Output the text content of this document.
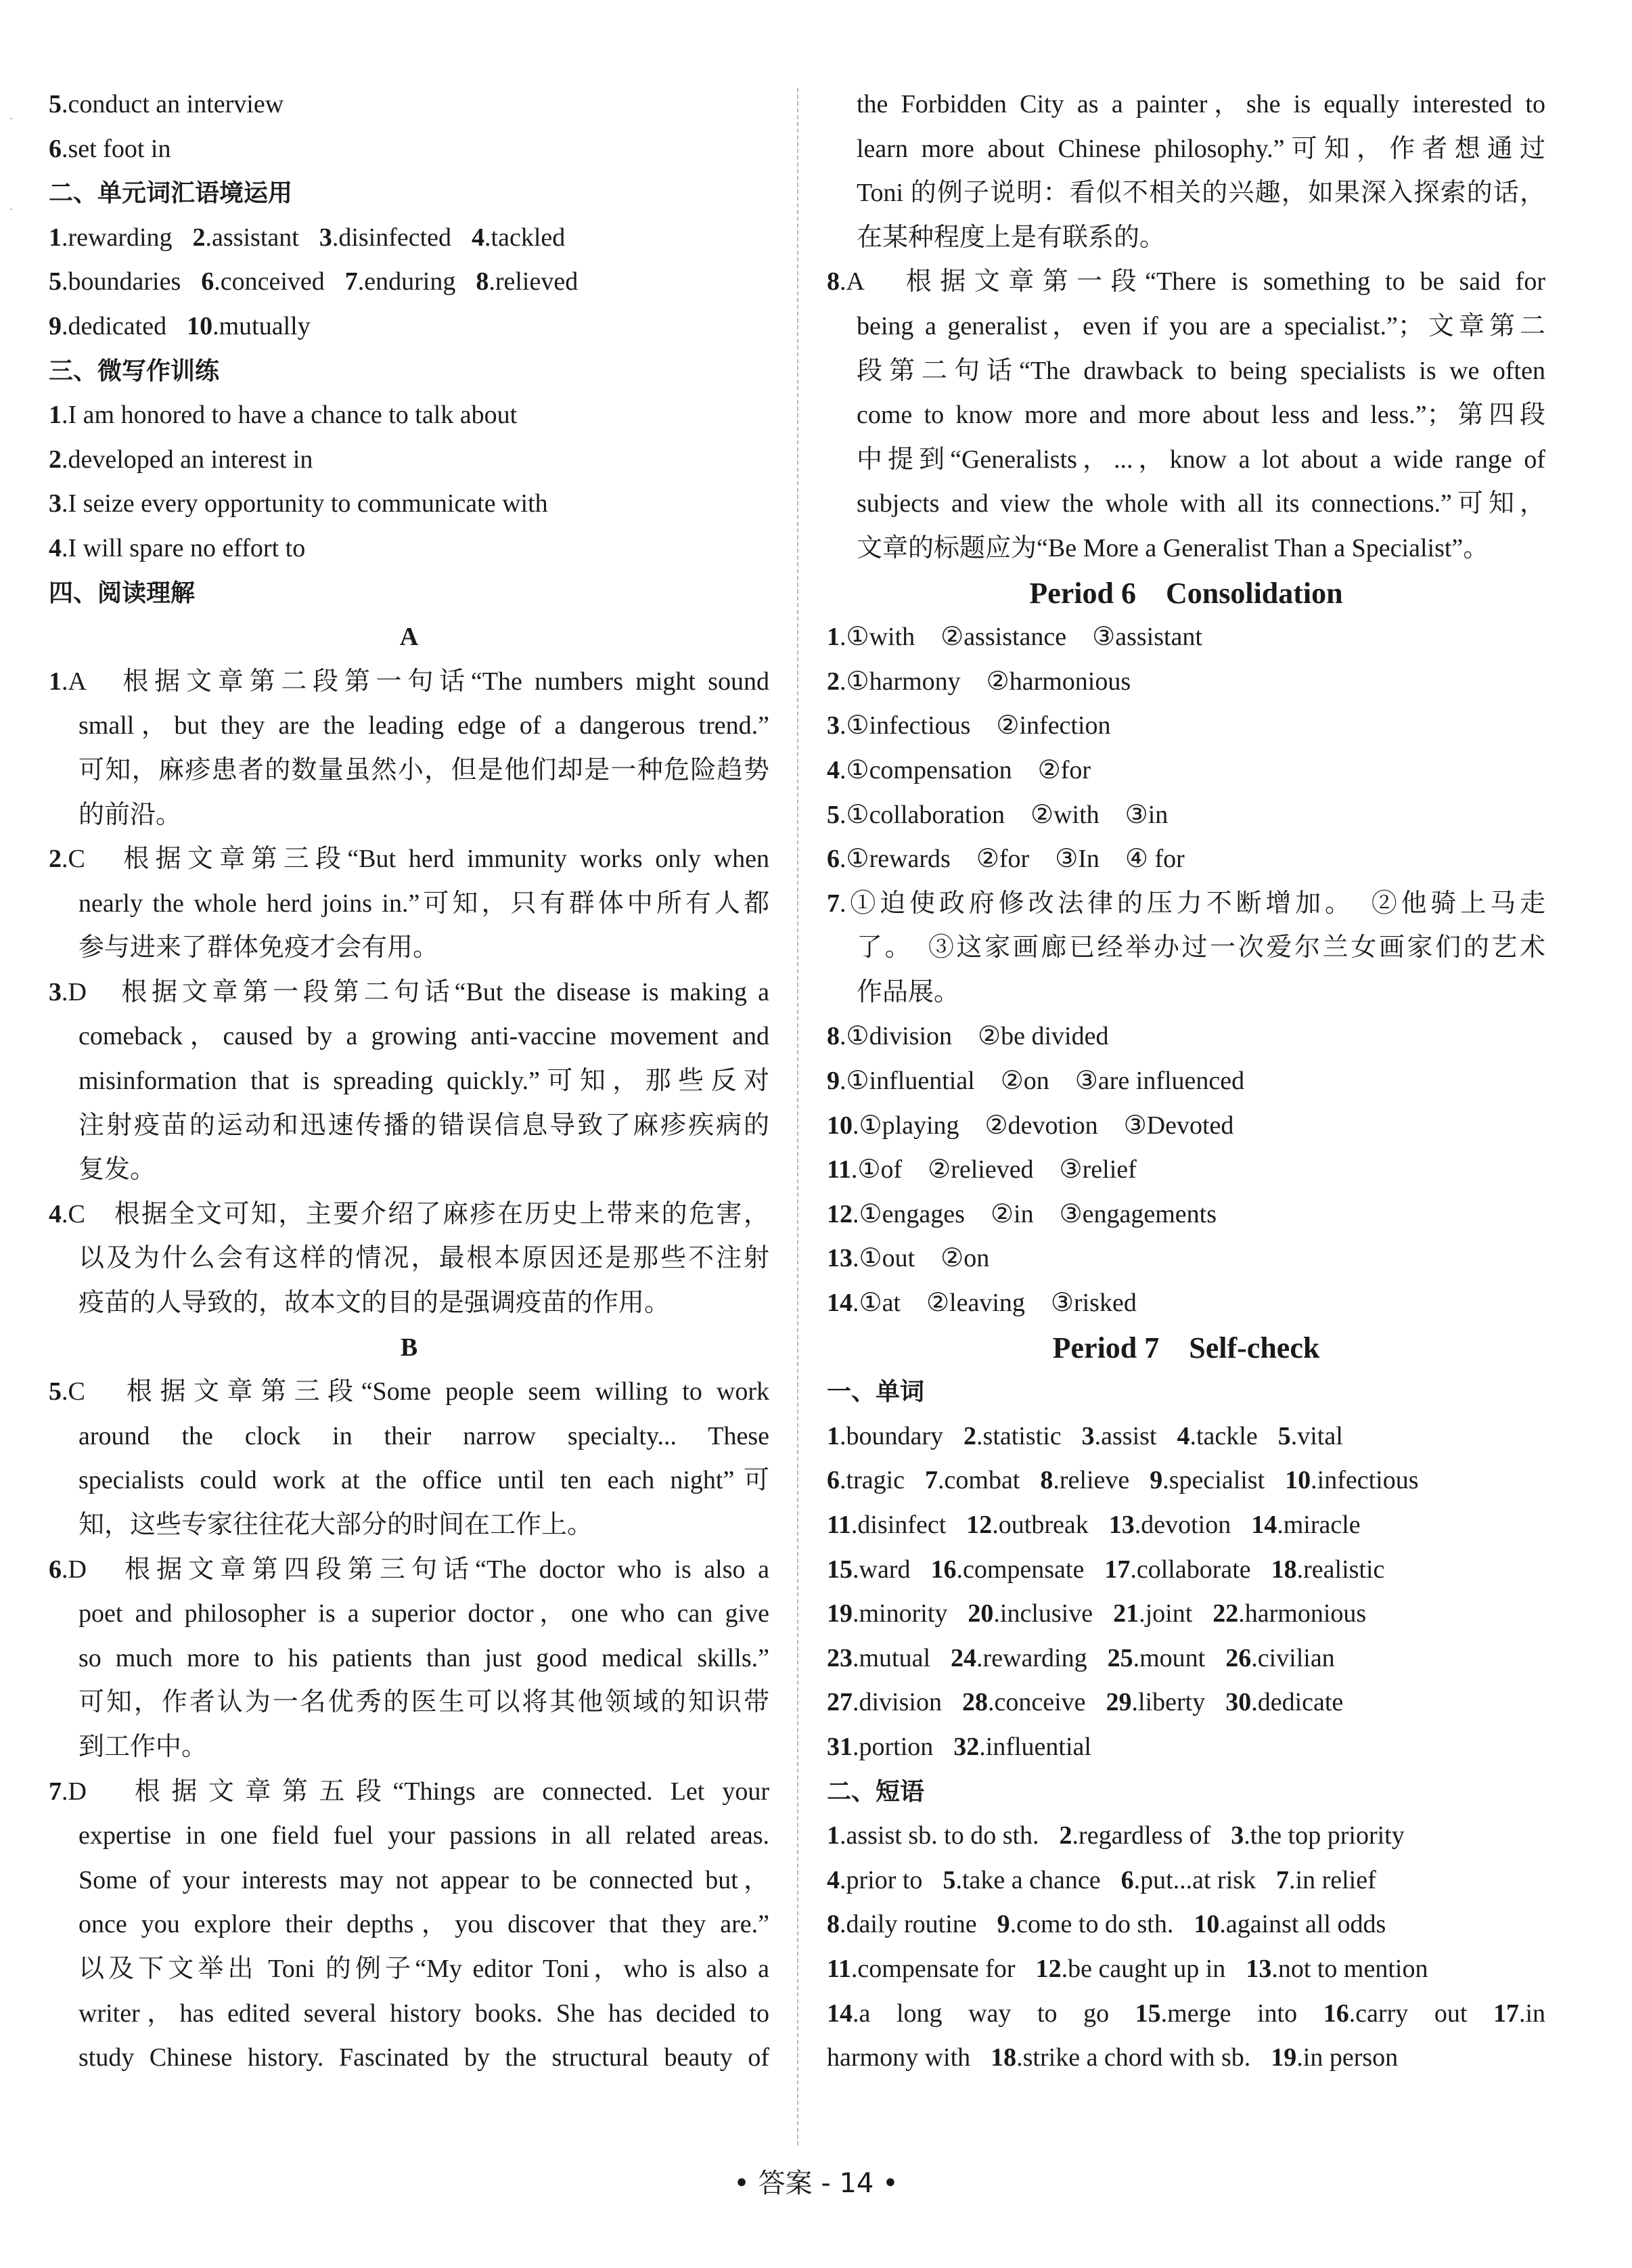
˙
˙
5.conduct an interview
6.set foot in
二、单元词汇语境运用
1.rewarding 2.assistant 3.disinfected 4.tackled
5.boundaries 6.conceived 7.enduring 8.relieved
9.dedicated 10.mutually
三、微写作训练
1.I am honored to have a chance to talk about
2.developed an interest in
3.I seize every opportunity to communicate with
4.I will spare no effort to
四、阅读理解
A
1.A　根据文章第二段第一句话“The numbers might sound
small，but they are the leading edge of a dangerous trend.”
可知，麻疹患者的数量虽然小，但是他们却是一种危险趋势
的前沿。
2.C　根据文章第三段“But herd immunity works only when
nearly the whole herd joins in.”可知，只有群体中所有人都
参与进来了群体免疫才会有用。
3.D　根据文章第一段第二句话“But the disease is making a
comeback，caused by a growing anti-vaccine movement and
misinformation that is spreading quickly.”可知，那些反对
注射疫苗的运动和迅速传播的错误信息导致了麻疹疾病的
复发。
4.C　根据全文可知，主要介绍了麻疹在历史上带来的危害，
以及为什么会有这样的情况，最根本原因还是那些不注射
疫苗的人导致的，故本文的目的是强调疫苗的作用。
B
5.C　根据文章第三段“Some people seem willing to work
around the clock in their narrow specialty... These
specialists could work at the office until ten each night”可
知，这些专家往往花大部分的时间在工作上。
6.D　根据文章第四段第三句话“The doctor who is also a
poet and philosopher is a superior doctor，one who can give
so much more to his patients than just good medical skills.”
可知，作者认为一名优秀的医生可以将其他领域的知识带
到工作中。
7.D　根据文章第五段“Things are connected. Let your
expertise in one field fuel your passions in all related areas.
Some of your interests may not appear to be connected but，
once you explore their depths，you discover that they are.”
以及下文举出 Toni 的例子“My editor Toni，who is also a
writer，has edited several history books. She has decided to
study Chinese history. Fascinated by the structural beauty of
the Forbidden City as a painter，she is equally interested to
learn more about Chinese philosophy.”可知，作者想通过
Toni 的例子说明：看似不相关的兴趣，如果深入探索的话，
在某种程度上是有联系的。
8.A　根据文章第一段“There is something to be said for
being a generalist，even if you are a specialist.”；文章第二
段第二句话“The drawback to being specialists is we often
come to know more and more about less and less.”；第四段
中提到“Generalists，...，know a lot about a wide range of
subjects and view the whole with all its connections.”可知，
文章的标题应为“Be More a Generalist Than a Specialist”。
Period 6　Consolidation
1.①with　②assistance　③assistant
2.①harmony　②harmonious
3.①infectious　②infection
4.①compensation　②for
5.①collaboration　②with　③in
6.①rewards　②for　③In　④ for
7.①迫使政府修改法律的压力不断增加。　②他骑上马走
了。　③这家画廊已经举办过一次爱尔兰女画家们的艺术
作品展。
8.①division　②be divided
9.①influential　②on　③are influenced
10.①playing　②devotion　③Devoted
11.①of　②relieved　③relief
12.①engages　②in　③engagements
13.①out　②on
14.①at　②leaving　③risked
Period 7　Self-check
一、单词
1.boundary 2.statistic 3.assist 4.tackle 5.vital
6.tragic 7.combat 8.relieve 9.specialist 10.infectious
11.disinfect 12.outbreak 13.devotion 14.miracle
15.ward 16.compensate 17.collaborate 18.realistic
19.minority 20.inclusive 21.joint 22.harmonious
23.mutual 24.rewarding 25.mount 26.civilian
27.division 28.conceive 29.liberty 30.dedicate
31.portion 32.influential
二、短语
1.assist sb. to do sth. 2.regardless of 3.the top priority
4.prior to 5.take a chance 6.put...at risk 7.in relief
8.daily routine 9.come to do sth. 10.against all odds
11.compensate for 12.be caught up in 13.not to mention
14.a long way to go 15.merge into 16.carry out 17.in
harmony with 18.strike a chord with sb. 19.in person
• 答案 - 14 •
